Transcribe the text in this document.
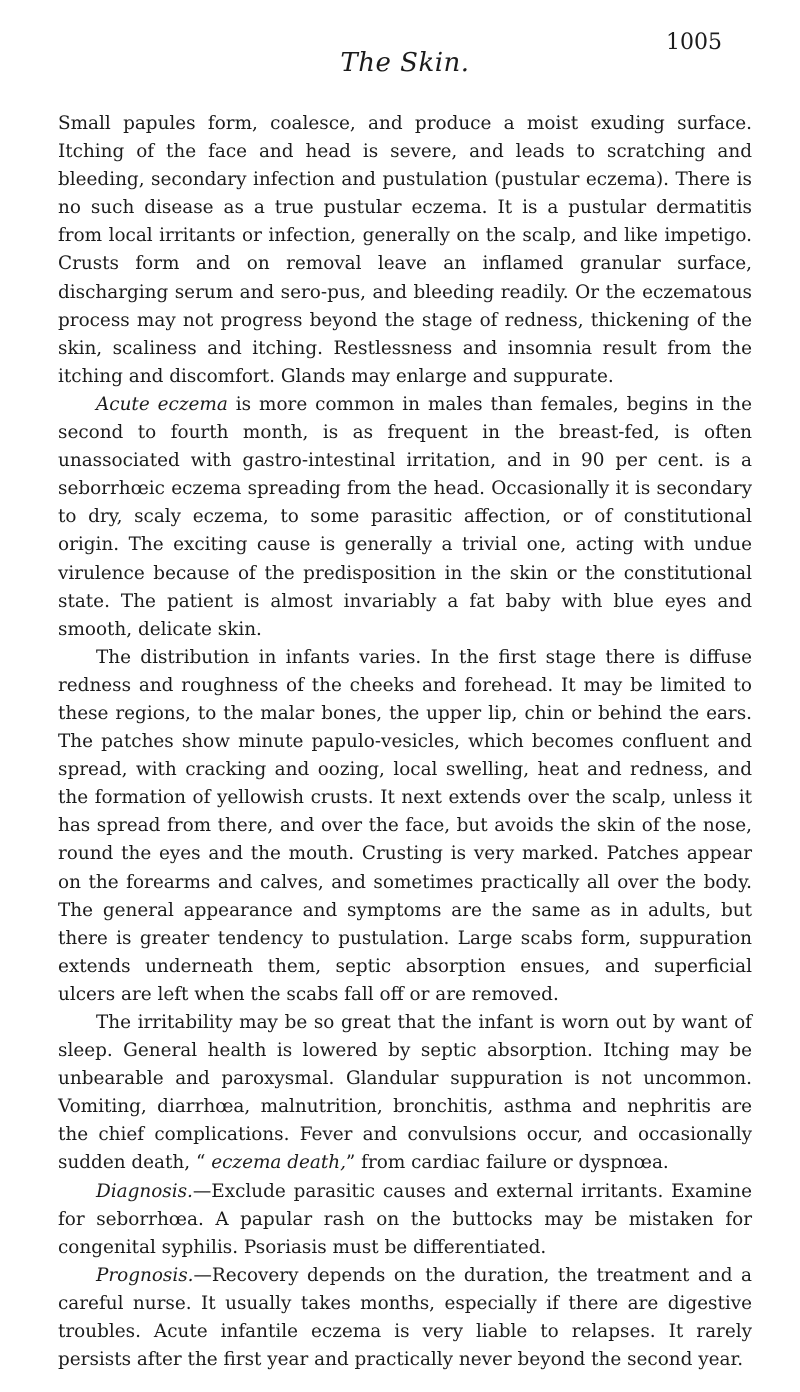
The Skin.
1005

Small papules form, coalesce, and produce a moist exuding surface. Itching of the face and head is severe, and leads to scratching and bleeding, secondary infection and pustulation (pustular eczema). There is no such disease as a true pustular eczema. It is a pustular dermatitis from local irritants or infection, generally on the scalp, and like impetigo. Crusts form and on removal leave an inflamed granular surface, discharging serum and sero-pus, and bleeding readily. Or the eczematous process may not progress beyond the stage of redness, thickening of the skin, scaliness and itching. Restlessness and insomnia result from the itching and discomfort. Glands may enlarge and suppurate.

Acute eczema is more common in males than females, begins in the second to fourth month, is as frequent in the breast-fed, is often unassociated with gastro-intestinal irritation, and in 90 per cent. is a seborrhœic eczema spreading from the head. Occasionally it is secondary to dry, scaly eczema, to some parasitic affection, or of constitutional origin. The exciting cause is generally a trivial one, acting with undue virulence because of the predisposition in the skin or the constitutional state. The patient is almost invariably a fat baby with blue eyes and smooth, delicate skin.

The distribution in infants varies. In the first stage there is diffuse redness and roughness of the cheeks and forehead. It may be limited to these regions, to the malar bones, the upper lip, chin or behind the ears. The patches show minute papulo-vesicles, which becomes confluent and spread, with cracking and oozing, local swelling, heat and redness, and the formation of yellowish crusts. It next extends over the scalp, unless it has spread from there, and over the face, but avoids the skin of the nose, round the eyes and the mouth. Crusting is very marked. Patches appear on the forearms and calves, and sometimes practically all over the body. The general appearance and symptoms are the same as in adults, but there is greater tendency to pustulation. Large scabs form, suppuration extends underneath them, septic absorption ensues, and superficial ulcers are left when the scabs fall off or are removed.

The irritability may be so great that the infant is worn out by want of sleep. General health is lowered by septic absorption. Itching may be unbearable and paroxysmal. Glandular suppuration is not uncommon. Vomiting, diarrhœa, malnutrition, bronchitis, asthma and nephritis are the chief complications. Fever and convulsions occur, and occasionally sudden death, “ eczema death,” from cardiac failure or dyspnœa.

Diagnosis.—Exclude parasitic causes and external irritants. Examine for seborrhœa. A papular rash on the buttocks may be mistaken for congenital syphilis. Psoriasis must be differentiated.

Prognosis.—Recovery depends on the duration, the treatment and a careful nurse. It usually takes months, especially if there are digestive troubles. Acute infantile eczema is very liable to relapses. It rarely persists after the first year and practically never beyond the second year.
